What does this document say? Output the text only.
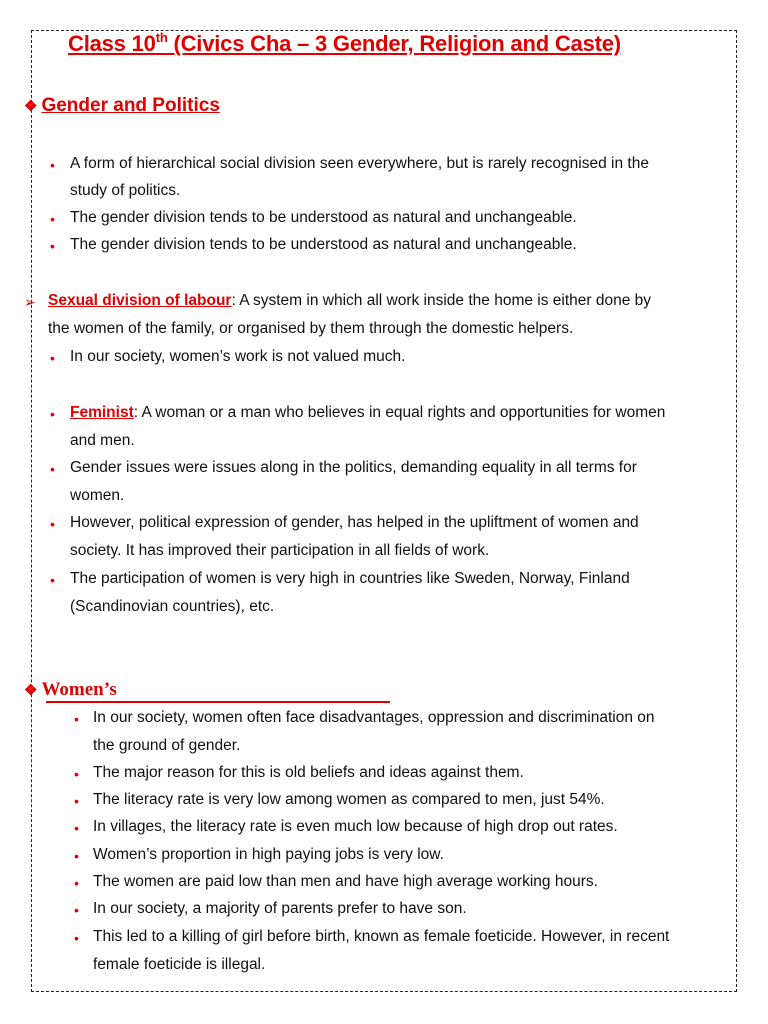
Class 10th (Civics Cha – 3 Gender, Religion and Caste)
❖ Gender and Politics
• A form of hierarchical social division seen everywhere, but is rarely recognised in the
study of politics.
• The gender division tends to be understood as natural and unchangeable.
• The gender division tends to be understood as natural and unchangeable.
➢ Sexual division of labour: A system in which all work inside the home is either done by
the women of the family, or organised by them through the domestic helpers.
• In our society, women’s work is not valued much.
• Feminist: A woman or a man who believes in equal rights and opportunities for women
and men.
• Gender issues were issues along in the politics, demanding equality in all terms for
women.
• However, political expression of gender, has helped in the upliftment of women and
society. It has improved their participation in all fields of work.
• The participation of women is very high in countries like Sweden, Norway, Finland
(Scandinovian countries), etc.
❖ Women’s
• In our society, women often face disadvantages, oppression and discrimination on
the ground of gender.
• The major reason for this is old beliefs and ideas against them.
• The literacy rate is very low among women as compared to men, just 54%.
• In villages, the literacy rate is even much low because of high drop out rates.
• Women’s proportion in high paying jobs is very low.
• The women are paid low than men and have high average working hours.
• In our society, a majority of parents prefer to have son.
• This led to a killing of girl before birth, known as female foeticide. However, in recent
female foeticide is illegal.
